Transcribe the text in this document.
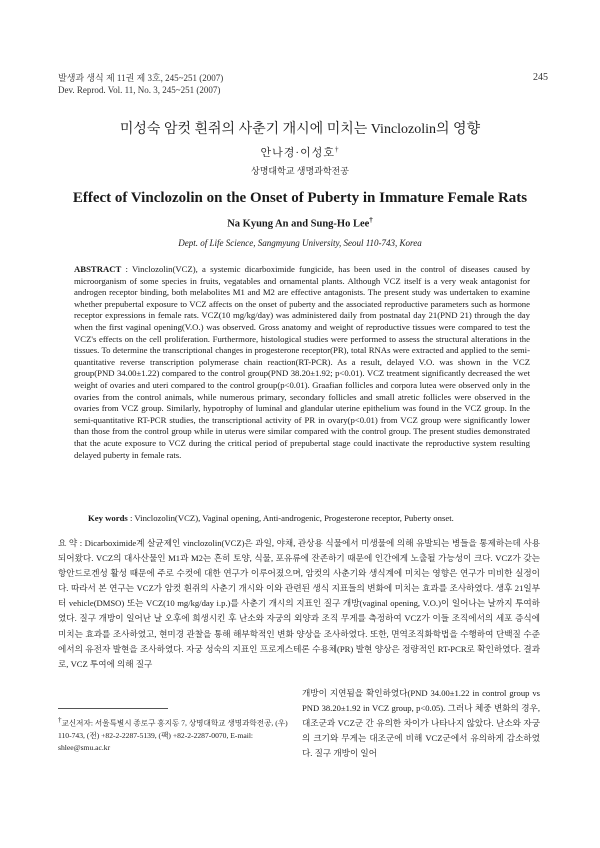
발생과 생식 제 11권 제 3호, 245~251 (2007)
Dev. Reprod. Vol. 11, No. 3, 245~251 (2007)
245
미성숙 암컷 흰쥐의 사춘기 개시에 미치는 Vinclozolin의 영향
안나경·이성호†
상명대학교 생명과학전공
Effect of Vinclozolin on the Onset of Puberty in Immature Female Rats
Na Kyung An and Sung-Ho Lee†
Dept. of Life Science, Sangmyung University, Seoul 110-743, Korea
ABSTRACT : Vinclozolin(VCZ), a systemic dicarboximide fungicide, has been used in the control of diseases caused by microorganism of some species in fruits, vegatables and ornamental plants. Although VCZ itself is a very weak antagonist for androgen receptor binding, both melabolites M1 and M2 are effective antagonists. The present study was undertaken to examine whether prepubertal exposure to VCZ affects on the onset of puberty and the associated reproductive parameters such as hormone receptor expressions in female rats. VCZ(10 mg/kg/day) was administered daily from postnatal day 21(PND 21) through the day when the first vaginal opening(V.O.) was observed. Gross anatomy and weight of reproductive tissues were compared to test the VCZ's effects on the cell proliferation. Furthermore, histological studies were performed to assess the structural alterations in the tissues. To determine the transcriptional changes in progesterone receptor(PR), total RNAs were extracted and applied to the semi-quantitative reverse transcription polymerase chain reaction(RT-PCR). As a result, delayed V.O. was shown in the VCZ group(PND 34.00±1.22) compared to the control group(PND 38.20±1.92; p<0.01). VCZ treatment significantly decreased the wet weight of ovaries and uteri compared to the control group(p<0.01). Graafian follicles and corpora lutea were observed only in the ovaries from the control animals, while numerous primary, secondary follicles and small atretic follicles were observed in the ovaries from VCZ group. Similarly, hypotrophy of luminal and glandular uterine epithelium was found in the VCZ group. In the semi-quantitative RT-PCR studies, the transcriptional activity of PR in ovary(p<0.01) from VCZ group were significantly lower than those from the control group while in uterus were similar compared with the control group. The present studies demonstrated that the acute exposure to VCZ during the critical period of prepubertal stage could inactivate the reproductive system resulting delayed puberty in female rats.
Key words : Vinclozolin(VCZ), Vaginal opening, Anti-androgenic, Progesterone receptor, Puberty onset.
요 약 : Dicarboximide계 살균제인 vinclozolin(VCZ)은 과일, 야채, 관상용 식물에서 미생물에 의해 유발되는 병들을 통제하는데 사용되어왔다. VCZ의 대사산물인 M1과 M2는 흔히 토양, 식물, 포유류에 잔존하기 때문에 인간에게 노출될 가능성이 크다. VCZ가 갖는 항안드로겐성 활성 때문에 주로 수컷에 대한 연구가 이루어졌으며, 암컷의 사춘기와 생식계에 미치는 영향은 연구가 미비한 실정이다. 따라서 본 연구는 VCZ가 암컷 흰쥐의 사춘기 개시와 이와 관련된 생식 지표들의 변화에 미치는 효과를 조사하였다. 생후 21일부터 vehicle(DMSO) 또는 VCZ(10 mg/kg/day i.p.)를 사춘기 개시의 지표인 질구 개방(vaginal opening, V.O.)이 일어나는 날까지 투여하였다. 질구 개방이 일어난 날 오후에 희생시킨 후 난소와 자궁의 외양과 조직 무게를 측정하여 VCZ가 이들 조직에서의 세포 증식에 미치는 효과를 조사하였고, 현미경 관찰을 통해 해부학적인 변화 양상을 조사하였다. 또한, 면역조직화학법을 수행하여 단백질 수준에서의 유전자 발현을 조사하였다. 자궁 성숙의 지표인 프로게스테론 수용체(PR) 발현 양상은 정량적인 RT-PCR로 확인하였다. 결과로, VCZ 투여에 의해 질구
개방이 지연됨을 확인하였다(PND 34.00±1.22 in control group vs PND 38.20±1.92 in VCZ group, p<0.05). 그러나 체중 변화의 경우, 대조군과 VCZ군 간 유의한 차이가 나타나지 않았다. 난소와 자궁의 크기와 무게는 대조군에 비해 VCZ군에서 유의하게 감소하였다. 질구 개방이 일어
†교신저자: 서울특별시 종로구 홍지동 7, 상명대학교 생명과학전공, (우) 110-743, (전) +82-2-2287-5139, (팩) +82-2-2287-0070, E-mail: shlee@smu.ac.kr
